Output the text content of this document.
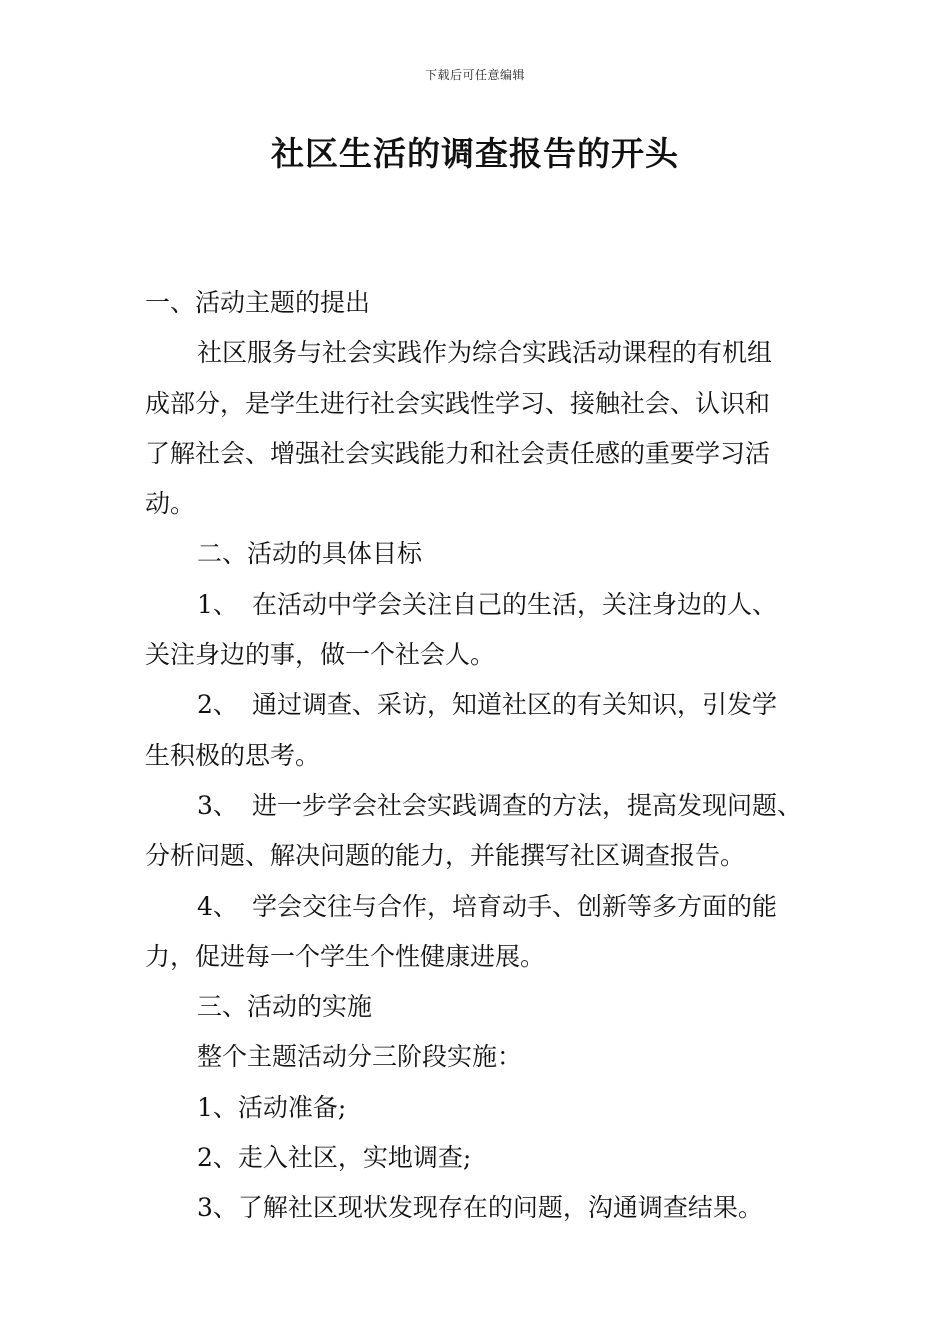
下载后可任意编辑
社区生活的调查报告的开头
一、活动主题的提出
社区服务与社会实践作为综合实践活动课程的有机组
成部分，是学生进行社会实践性学习、接触社会、认识和
了解社会、增强社会实践能力和社会责任感的重要学习活
动。
二、活动的具体目标
1、 在活动中学会关注自己的生活，关注身边的人、
关注身边的事，做一个社会人。
2、 通过调查、采访，知道社区的有关知识，引发学
生积极的思考。
3、 进一步学会社会实践调查的方法，提高发现问题、
分析问题、解决问题的能力，并能撰写社区调查报告。
4、 学会交往与合作，培育动手、创新等多方面的能
力，促进每一个学生个性健康进展。
三、活动的实施
整个主题活动分三阶段实施：
1、活动准备;
2、走入社区，实地调查;
3、了解社区现状发现存在的问题，沟通调查结果。
